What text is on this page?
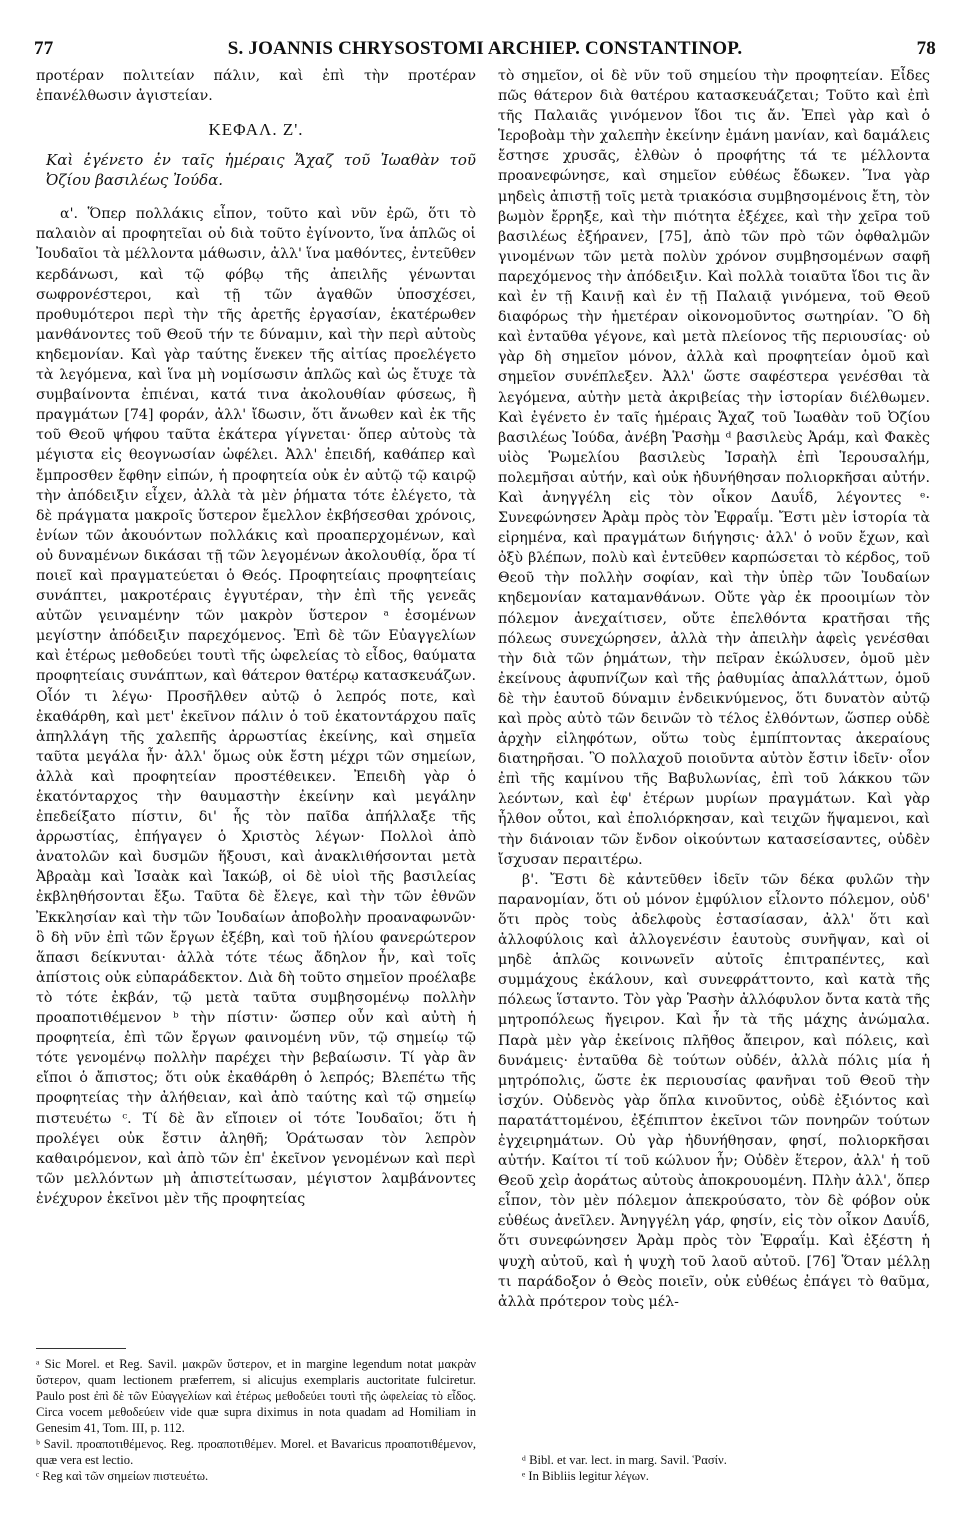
77	S. JOANNIS CHRYSOSTOMI ARCHIEP. CONSTANTINOP.	78

προτέραν πολιτείαν πάλιν, καὶ ἐπὶ τὴν προτέραν ἐπανέλθωσιν ἀγιστείαν.

ΚΕΦΑΛ. Ζ'.

Καὶ ἐγένετο ἐν ταῖς ἡμέραις Ἄχαζ τοῦ Ἰωαθὰν τοῦ Ὀζίου βασιλέως Ἰούδα.

α'. Ὅπερ πολλάκις εἶπον, τοῦτο καὶ νῦν ἐρῶ, ὅτι τὸ παλαιὸν αἱ προφητεῖαι οὐ διὰ τοῦτο ἐγίνοντο, ἵνα ἁπλῶς οἱ Ἰουδαῖοι τὰ μέλλοντα μάθωσιν, ἀλλ' ἵνα μαθόντες, ἐντεῦθεν κερδάνωσι, καὶ τῷ φόβῳ τῆς ἀπειλῆς γένωνται σωφρονέστεροι, καὶ τῇ τῶν ἀγαθῶν ὑποσχέσει, προθυμότεροι περὶ τὴν τῆς ἀρετῆς ἐργασίαν, ἑκατέρωθεν μανθάνοντες τοῦ Θεοῦ τήν τε δύναμιν, καὶ τὴν περὶ αὐτοὺς κηδεμονίαν. Καὶ γὰρ ταύτης ἕνεκεν τῆς αἰτίας προελέγετο τὰ λεγόμενα, καὶ ἵνα μὴ νομίσωσιν ἁπλῶς καὶ ὡς ἔτυχε τὰ συμβαίνοντα ἐπιέναι, κατά τινα ἀκολουθίαν φύσεως, ἢ πραγμάτων [74] φοράν, ἀλλ' ἴδωσιν, ὅτι ἄνωθεν καὶ ἐκ τῆς τοῦ Θεοῦ ψήφου ταῦτα ἑκάτερα γίγνεται· ὅπερ αὐτοὺς τὰ μέγιστα εἰς θεογνωσίαν ὠφέλει. Ἀλλ' ἐπειδή, καθάπερ καὶ ἔμπροσθεν ἔφθην εἰπών, ἡ προφητεία οὐκ ἐν αὐτῷ τῷ καιρῷ τὴν ἀπόδειξιν εἶχεν, ἀλλὰ τὰ μὲν ῥήματα τότε ἐλέγετο, τὰ δὲ πράγματα μακροῖς ὕστερον ἔμελλον ἐκβήσεσθαι χρόνοις, ἐνίων τῶν ἀκουόντων πολλάκις καὶ προαπερχομένων, καὶ οὐ δυναμένων δικάσαι τῇ τῶν λεγομένων ἀκολουθίᾳ, ὅρα τί ποιεῖ καὶ πραγματεύεται ὁ Θεός. Προφητείαις προφητείαις συνάπτει, μακροτέραις ἐγγυτέραν, τὴν ἐπὶ τῆς γενεᾶς αὐτῶν γειναμένην τῶν μακρὸν ὕστερον ᵃ ἐσομένων μεγίστην ἀπόδειξιν παρεχόμενος. Ἐπὶ δὲ τῶν Εὐαγγελίων καὶ ἑτέρως μεθοδεύει τουτὶ τῆς ὠφελείας τὸ εἶδος, θαύματα προφητείαις συνάπτων, καὶ θάτερον θατέρῳ κατασκευάζων. Οἷόν τι λέγω· Προσῆλθεν αὐτῷ ὁ λεπρός ποτε, καὶ ἐκαθάρθη, καὶ μετ' ἐκεῖνον πάλιν ὁ τοῦ ἑκατοντάρχου παῖς ἀπηλλάγη τῆς χαλεπῆς ἀρρωστίας ἐκείνης, καὶ σημεῖα ταῦτα μεγάλα ἦν· ἀλλ' ὅμως οὐκ ἔστη μέχρι τῶν σημείων, ἀλλὰ καὶ προφητείαν προστέθεικεν. Ἐπειδὴ γὰρ ὁ ἑκατόνταρχος τὴν θαυμαστὴν ἐκείνην καὶ μεγάλην ἐπεδείξατο πίστιν, δι' ἧς τὸν παῖδα ἀπήλλαξε τῆς ἀρρωστίας, ἐπήγαγεν ὁ Χριστὸς λέγων· Πολλοὶ ἀπὸ ἀνατολῶν καὶ δυσμῶν ἥξουσι, καὶ ἀνακλιθήσονται μετὰ Ἀβραὰμ καὶ Ἰσαὰκ καὶ Ἰακώβ, οἱ δὲ υἱοὶ τῆς βασιλείας ἐκβληθήσονται ἔξω. Ταῦτα δὲ ἔλεγε, καὶ τὴν τῶν ἐθνῶν Ἐκκλησίαν καὶ τὴν τῶν Ἰουδαίων ἀποβολὴν προαναφωνῶν· ὃ δὴ νῦν ἐπὶ τῶν ἔργων ἐξέβη, καὶ τοῦ ἡλίου φανερώτερον ἅπασι δείκνυται· ἀλλὰ τότε τέως ἄδηλον ἦν, καὶ τοῖς ἀπίστοις οὐκ εὐπαράδεκτον. Διὰ δὴ τοῦτο σημεῖον προέλαβε τὸ τότε ἐκβάν, τῷ μετὰ ταῦτα συμβησομένῳ πολλὴν προαποτιθέμενον ᵇ τὴν πίστιν· ὥσπερ οὖν καὶ αὐτὴ ἡ προφητεία, ἐπὶ τῶν ἔργων φαινομένη νῦν, τῷ σημείῳ τῷ τότε γενομένῳ πολλὴν παρέχει τὴν βεβαίωσιν. Τί γὰρ ἂν εἴποι ὁ ἄπιστος; ὅτι οὐκ ἐκαθάρθη ὁ λεπρός; Βλεπέτω τῆς προφητείας τὴν ἀλήθειαν, καὶ ἀπὸ ταύτης καὶ τῷ σημείῳ πιστευέτω ᶜ. Τί δὲ ἂν εἴποιεν οἱ τότε Ἰουδαῖοι; ὅτι ἡ προλέγει οὐκ ἔστιν ἀληθῆ; Ὁράτωσαν τὸν λεπρὸν καθαιρόμενον, καὶ ἀπὸ τῶν ἐπ' ἐκεῖνον γενομένων καὶ περὶ τῶν μελλόντων μὴ ἀπιστείτωσαν, μέγιστον λαμβάνοντες ἐνέχυρον ἐκεῖνοι μὲν τῆς προφητείας

τὸ σημεῖον, οἱ δὲ νῦν τοῦ σημείου τὴν προφητείαν. Εἶδες πῶς θάτερον διὰ θατέρου κατασκευάζεται; Τοῦτο καὶ ἐπὶ τῆς Παλαιᾶς γινόμενον ἴδοι τις ἄν. Ἐπεὶ γὰρ καὶ ὁ Ἱεροβοὰμ τὴν χαλεπὴν ἐκείνην ἐμάνη μανίαν, καὶ δαμάλεις ἔστησε χρυσᾶς, ἐλθὼν ὁ προφήτης τά τε μέλλοντα προανεφώνησε, καὶ σημεῖον εὐθέως ἔδωκεν. Ἵνα γὰρ μηδεὶς ἀπιστῇ τοῖς μετὰ τριακόσια συμβησομένοις ἔτη, τὸν βωμὸν ἔρρηξε, καὶ τὴν πιότητα ἐξέχεε, καὶ τὴν χεῖρα τοῦ βασιλέως ἐξήρανεν, [75], ἀπὸ τῶν πρὸ τῶν ὀφθαλμῶν γινομένων τῶν μετὰ πολὺν χρόνον συμβησομένων σαφῆ παρεχόμενος τὴν ἀπόδειξιν. Καὶ πολλὰ τοιαῦτα ἴδοι τις ἂν καὶ ἐν τῇ Καινῇ καὶ ἐν τῇ Παλαιᾷ γινόμενα, τοῦ Θεοῦ διαφόρως τὴν ἡμετέραν οἰκονομοῦντος σωτηρίαν. Ὃ δὴ καὶ ἐνταῦθα γέγονε, καὶ μετὰ πλείονος τῆς περιουσίας· οὐ γὰρ δὴ σημεῖον μόνον, ἀλλὰ καὶ προφητείαν ὁμοῦ καὶ σημεῖον συνέπλεξεν. Ἀλλ' ὥστε σαφέστερα γενέσθαι τὰ λεγόμενα, αὐτὴν μετὰ ἀκριβείας τὴν ἱστορίαν διέλθωμεν. Καὶ ἐγένετο ἐν ταῖς ἡμέραις Ἄχαζ τοῦ Ἰωαθὰν τοῦ Ὀζίου βασιλέως Ἰούδα, ἀνέβη Ῥασὴμ ᵈ βασιλεὺς Ἀράμ, καὶ Φακὲς υἱὸς Ῥωμελίου βασιλεὺς Ἰσραὴλ ἐπὶ Ἱερουσαλήμ, πολεμῆσαι αὐτήν, καὶ οὐκ ἠδυνήθησαν πολιορκῆσαι αὐτήν. Καὶ ἀνηγγέλη εἰς τὸν οἶκον Δαυΐδ, λέγοντες ᵉ· Συνεφώνησεν Ἀρὰμ πρὸς τὸν Ἐφραΐμ. Ἔστι μὲν ἱστορία τὰ εἰρημένα, καὶ πραγμάτων διήγησις· ἀλλ' ὁ νοῦν ἔχων, καὶ ὀξὺ βλέπων, πολὺ καὶ ἐντεῦθεν καρπώσεται τὸ κέρδος, τοῦ Θεοῦ τὴν πολλὴν σοφίαν, καὶ τὴν ὑπὲρ τῶν Ἰουδαίων κηδεμονίαν καταμανθάνων. Οὔτε γὰρ ἐκ προοιμίων τὸν πόλεμον ἀνεχαίτισεν, οὔτε ἐπελθόντα κρατῆσαι τῆς πόλεως συνεχώρησεν, ἀλλὰ τὴν ἀπειλὴν ἀφεὶς γενέσθαι τὴν διὰ τῶν ῥημάτων, τὴν πεῖραν ἐκώλυσεν, ὁμοῦ μὲν ἐκείνους ἀφυπνίζων καὶ τῆς ῥαθυμίας ἀπαλλάττων, ὁμοῦ δὲ τὴν ἑαυτοῦ δύναμιν ἐνδεικνύμενος, ὅτι δυνατὸν αὐτῷ καὶ πρὸς αὐτὸ τῶν δεινῶν τὸ τέλος ἐλθόντων, ὥσπερ οὐδὲ ἀρχὴν εἰληφότων, οὕτω τοὺς ἐμπίπτοντας ἀκεραίους διατηρῆσαι. Ὃ πολλαχοῦ ποιοῦντα αὐτὸν ἔστιν ἰδεῖν· οἷον ἐπὶ τῆς καμίνου τῆς Βαβυλωνίας, ἐπὶ τοῦ λάκκου τῶν λεόντων, καὶ ἐφ' ἑτέρων μυρίων πραγμάτων. Καὶ γὰρ ἦλθον οὗτοι, καὶ ἐπολιόρκησαν, καὶ τειχῶν ἥψαμενοι, καὶ τὴν διάνοιαν τῶν ἔνδον οἰκούντων κατασείσαντες, οὐδὲν ἴσχυσαν περαιτέρω.

β'. Ἔστι δὲ κἀντεῦθεν ἰδεῖν τῶν δέκα φυλῶν τὴν παρανομίαν, ὅτι οὐ μόνον ἐμφύλιον εἶλοντο πόλεμον, οὐδ' ὅτι πρὸς τοὺς ἀδελφοὺς ἐστασίασαν, ἀλλ' ὅτι καὶ ἀλλοφύλοις καὶ ἀλλογενέσιν ἑαυτοὺς συνῆψαν, καὶ οἱ μηδὲ ἁπλῶς κοινωνεῖν αὐτοῖς ἐπιτραπέντες, καὶ συμμάχους ἐκάλουν, καὶ συνεφράττοντο, καὶ κατὰ τῆς πόλεως ἵσταντο. Τὸν γὰρ Ῥασὴν ἀλλόφυλον ὄντα κατὰ τῆς μητροπόλεως ἤγειρον. Καὶ ἦν τὰ τῆς μάχης ἀνώμαλα. Παρὰ μὲν γὰρ ἐκείνοις πλῆθος ἄπειρον, καὶ πόλεις, καὶ δυνάμεις· ἐνταῦθα δὲ τούτων οὐδέν, ἀλλὰ πόλις μία ἡ μητρόπολις, ὥστε ἐκ περιουσίας φανῆναι τοῦ Θεοῦ τὴν ἰσχύν. Οὐδενὸς γὰρ ὅπλα κινοῦντος, οὐδὲ ἐξιόντος καὶ παρατάττομένου, ἐξέπιπτον ἐκεῖνοι τῶν πονηρῶν τούτων ἐγχειρημάτων. Οὐ γὰρ ἠδυνήθησαν, φησί, πολιορκῆσαι αὐτήν. Καίτοι τί τοῦ κώλυον ἦν; Οὐδὲν ἕτερον, ἀλλ' ἡ τοῦ Θεοῦ χεὶρ ἀοράτως αὐτοὺς ἀποκρουομένη. Πλὴν ἀλλ', ὅπερ εἶπον, τὸν μὲν πόλεμον ἀπεκρούσατο, τὸν δὲ φόβον οὐκ εὐθέως ἀνεῖλεν. Ἀνηγγέλη γάρ, φησίν, εἰς τὸν οἶκον Δαυΐδ, ὅτι συνεφώνησεν Ἀρὰμ πρὸς τὸν Ἐφραΐμ. Καὶ ἐξέστη ἡ ψυχὴ αὐτοῦ, καὶ ἡ ψυχὴ τοῦ λαοῦ αὐτοῦ. [76] Ὅταν μέλλῃ τι παράδοξον ὁ Θεὸς ποιεῖν, οὐκ εὐθέως ἐπάγει τὸ θαῦμα, ἀλλὰ πρότερον τοὺς μέλ-

ᵃ Sic Morel. et Reg. Savil. μακρῶν ὕστερον, et in margine legendum notat μακρὰν ὕστερον, quam lectionem præferrem, si alicujus exemplaris auctoritate fulciretur. Paulo post ἐπὶ δὲ τῶν Εὐαγγελίων καὶ ἑτέρως μεθοδεύει τουτὶ τῆς ὠφελείας τὸ εἶδος. Circa vocem μεθοδεύειν vide quæ supra diximus in nota quadam ad Homiliam in Genesim 41, Tom. III, p. 112.

ᵇ Savil. προαποτιθέμενος. Reg. προαποτιθέμεν. Morel. et Bavaricus προαποτιθέμενον, quæ vera est lectio.

ᶜ Reg καὶ τῶν σημείων πιστευέτω.

ᵈ Bibl. et var. lect. in marg. Savil. Ῥασίν.

ᵉ In Bibliis legitur λέγων.
